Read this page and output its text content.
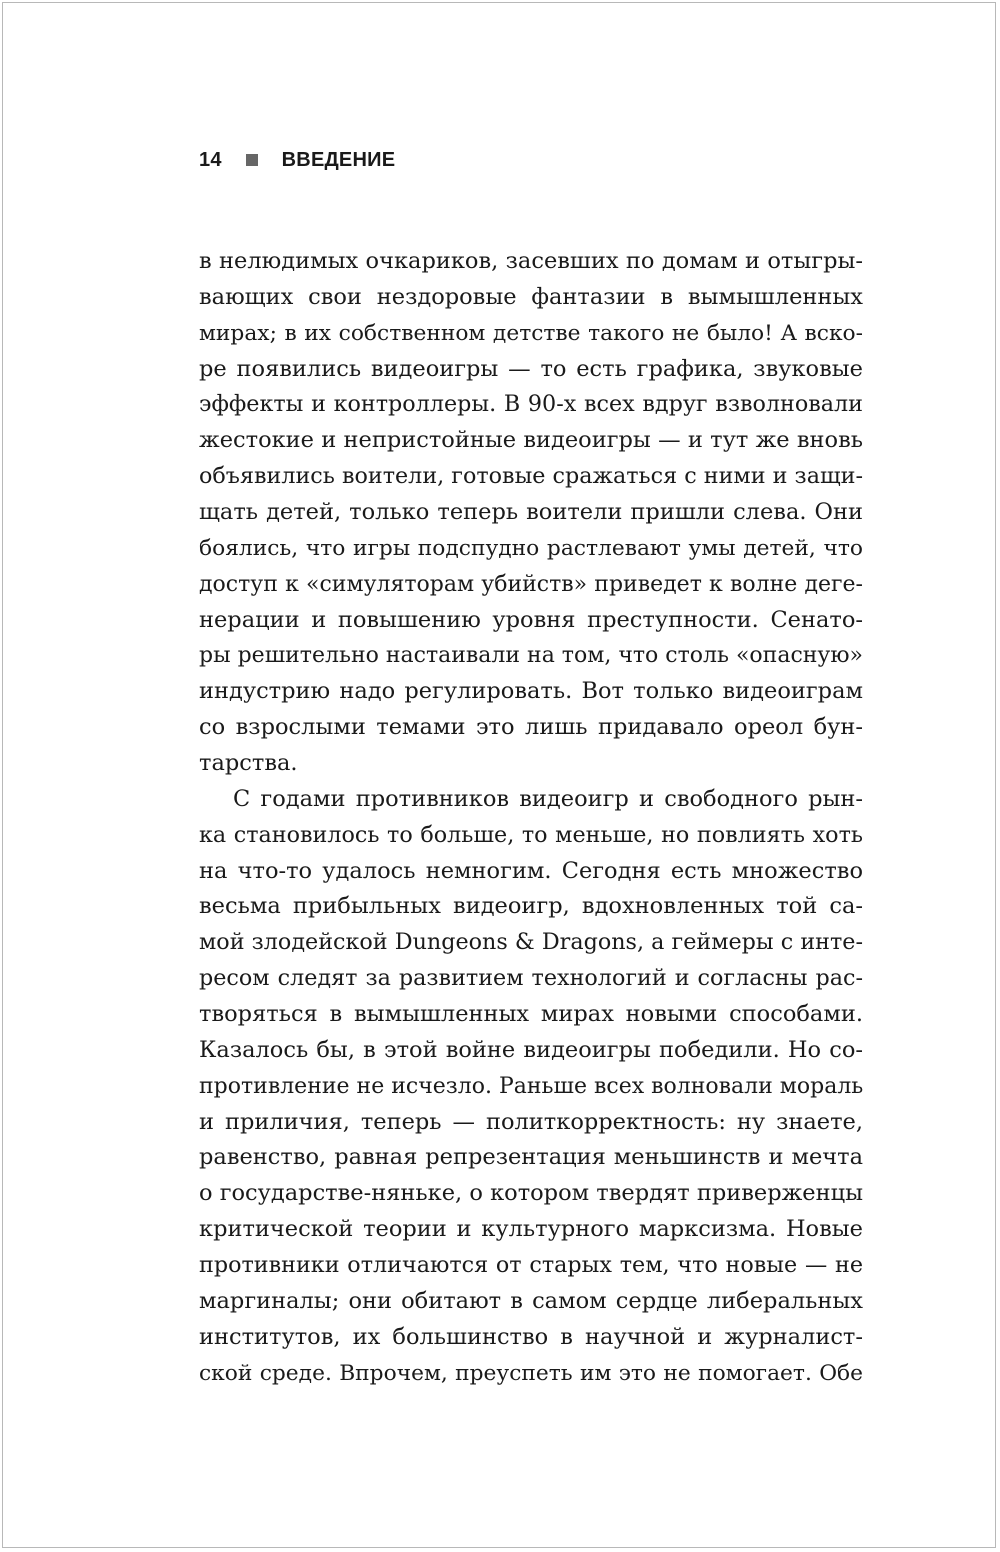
14	ВВЕДЕНИЕ
в нелюдимых очкариков, засевших по домам и отыгры-
вающих свои нездоровые фантазии в вымышленных
мирах; в их собственном детстве такого не было! А вско-
ре появились видеоигры — то есть графика, звуковые
эффекты и контроллеры. В 90-х всех вдруг взволновали
жестокие и непристойные видеоигры — и тут же вновь
объявились воители, готовые сражаться с ними и защи-
щать детей, только теперь воители пришли слева. Они
боялись, что игры подспудно растлевают умы детей, что
доступ к «симуляторам убийств» приведет к волне деге-
нерации и повышению уровня преступности. Сенато-
ры решительно настаивали на том, что столь «опасную»
индустрию надо регулировать. Вот только видеоиграм
со взрослыми темами это лишь придавало ореол бун-
тарства.
С годами противников видеоигр и свободного рын-
ка становилось то больше, то меньше, но повлиять хоть
на что-то удалось немногим. Сегодня есть множество
весьма прибыльных видеоигр, вдохновленных той са-
мой злодейской Dungeons & Dragons, а геймеры с инте-
ресом следят за развитием технологий и согласны рас-
творяться в вымышленных мирах новыми способами.
Казалось бы, в этой войне видеоигры победили. Но со-
противление не исчезло. Раньше всех волновали мораль
и приличия, теперь — политкорректность: ну знаете,
равенство, равная репрезентация меньшинств и мечта
о государстве-няньке, о котором твердят приверженцы
критической теории и культурного марксизма. Новые
противники отличаются от старых тем, что новые — не
маргиналы; они обитают в самом сердце либеральных
институтов, их большинство в научной и журналист-
ской среде. Впрочем, преуспеть им это не помогает. Обе
